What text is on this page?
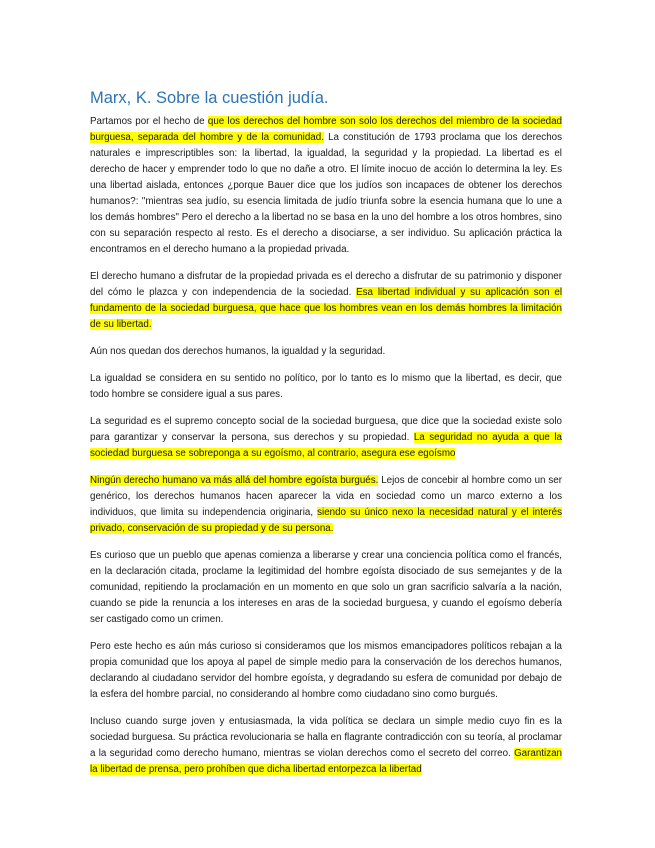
Marx, K. Sobre la cuestión judía.

Partamos por el hecho de que los derechos del hombre son solo los derechos del miembro de la sociedad burguesa, separada del hombre y de la comunidad. La constitución de 1793 proclama que los derechos naturales e imprescriptibles son: la libertad, la igualdad, la seguridad y la propiedad. La libertad es el derecho de hacer y emprender todo lo que no dañe a otro. El límite inocuo de acción lo determina la ley. Es una libertad aislada, entonces ¿porque Bauer dice que los judíos son incapaces de obtener los derechos humanos?: "mientras sea judío, su esencia limitada de judío triunfa sobre la esencia humana que lo une a los demás hombres" Pero el derecho a la libertad no se basa en la uno del hombre a los otros hombres, sino con su separación respecto al resto. Es el derecho a disociarse, a ser individuo. Su aplicación práctica la encontramos en el derecho humano a la propiedad privada.

El derecho humano a disfrutar de la propiedad privada es el derecho a disfrutar de su patrimonio y disponer del cómo le plazca y con independencia de la sociedad. Esa libertad individual y su aplicación son el fundamento de la sociedad burguesa, que hace que los hombres vean en los demás hombres la limitación de su libertad.

Aún nos quedan dos derechos humanos, la igualdad y la seguridad.

La igualdad se considera en su sentido no político, por lo tanto es lo mismo que la libertad, es decir, que todo hombre se considere igual a sus pares.

La seguridad es el supremo concepto social de la sociedad burguesa, que dice que la sociedad existe solo para garantizar y conservar la persona, sus derechos y su propiedad. La seguridad no ayuda a que la sociedad burguesa se sobreponga a su egoísmo, al contrario, asegura ese egoísmo

Ningún derecho humano va más allá del hombre egoísta burgués. Lejos de concebir al hombre como un ser genérico, los derechos humanos hacen aparecer la vida en sociedad como un marco externo a los individuos, que limita su independencia originaria, siendo su único nexo la necesidad natural y el interés privado, conservación de su propiedad y de su persona.

Es curioso que un pueblo que apenas comienza a liberarse y crear una conciencia política como el francés, en la declaración citada, proclame la legitimidad del hombre egoísta disociado de sus semejantes y de la comunidad, repitiendo la proclamación en un momento en que solo un gran sacrificio salvaría a la nación, cuando se pide la renuncia a los intereses en aras de la sociedad burguesa, y cuando el egoísmo debería ser castigado como un crimen.

Pero este hecho es aún más curioso si consideramos que los mismos emancipadores políticos rebajan a la propia comunidad que los apoya al papel de simple medio para la conservación de los derechos humanos, declarando al ciudadano servidor del hombre egoísta, y degradando su esfera de comunidad por debajo de la esfera del hombre parcial, no considerando al hombre como ciudadano sino como burgués.

Incluso cuando surge joven y entusiasmada, la vida política se declara un simple medio cuyo fin es la sociedad burguesa. Su práctica revolucionaria se halla en flagrante contradicción con su teoría, al proclamar a la seguridad como derecho humano, mientras se violan derechos como el secreto del correo. Garantizan la libertad de prensa, pero prohíben que dicha libertad entorpezca la libertad
